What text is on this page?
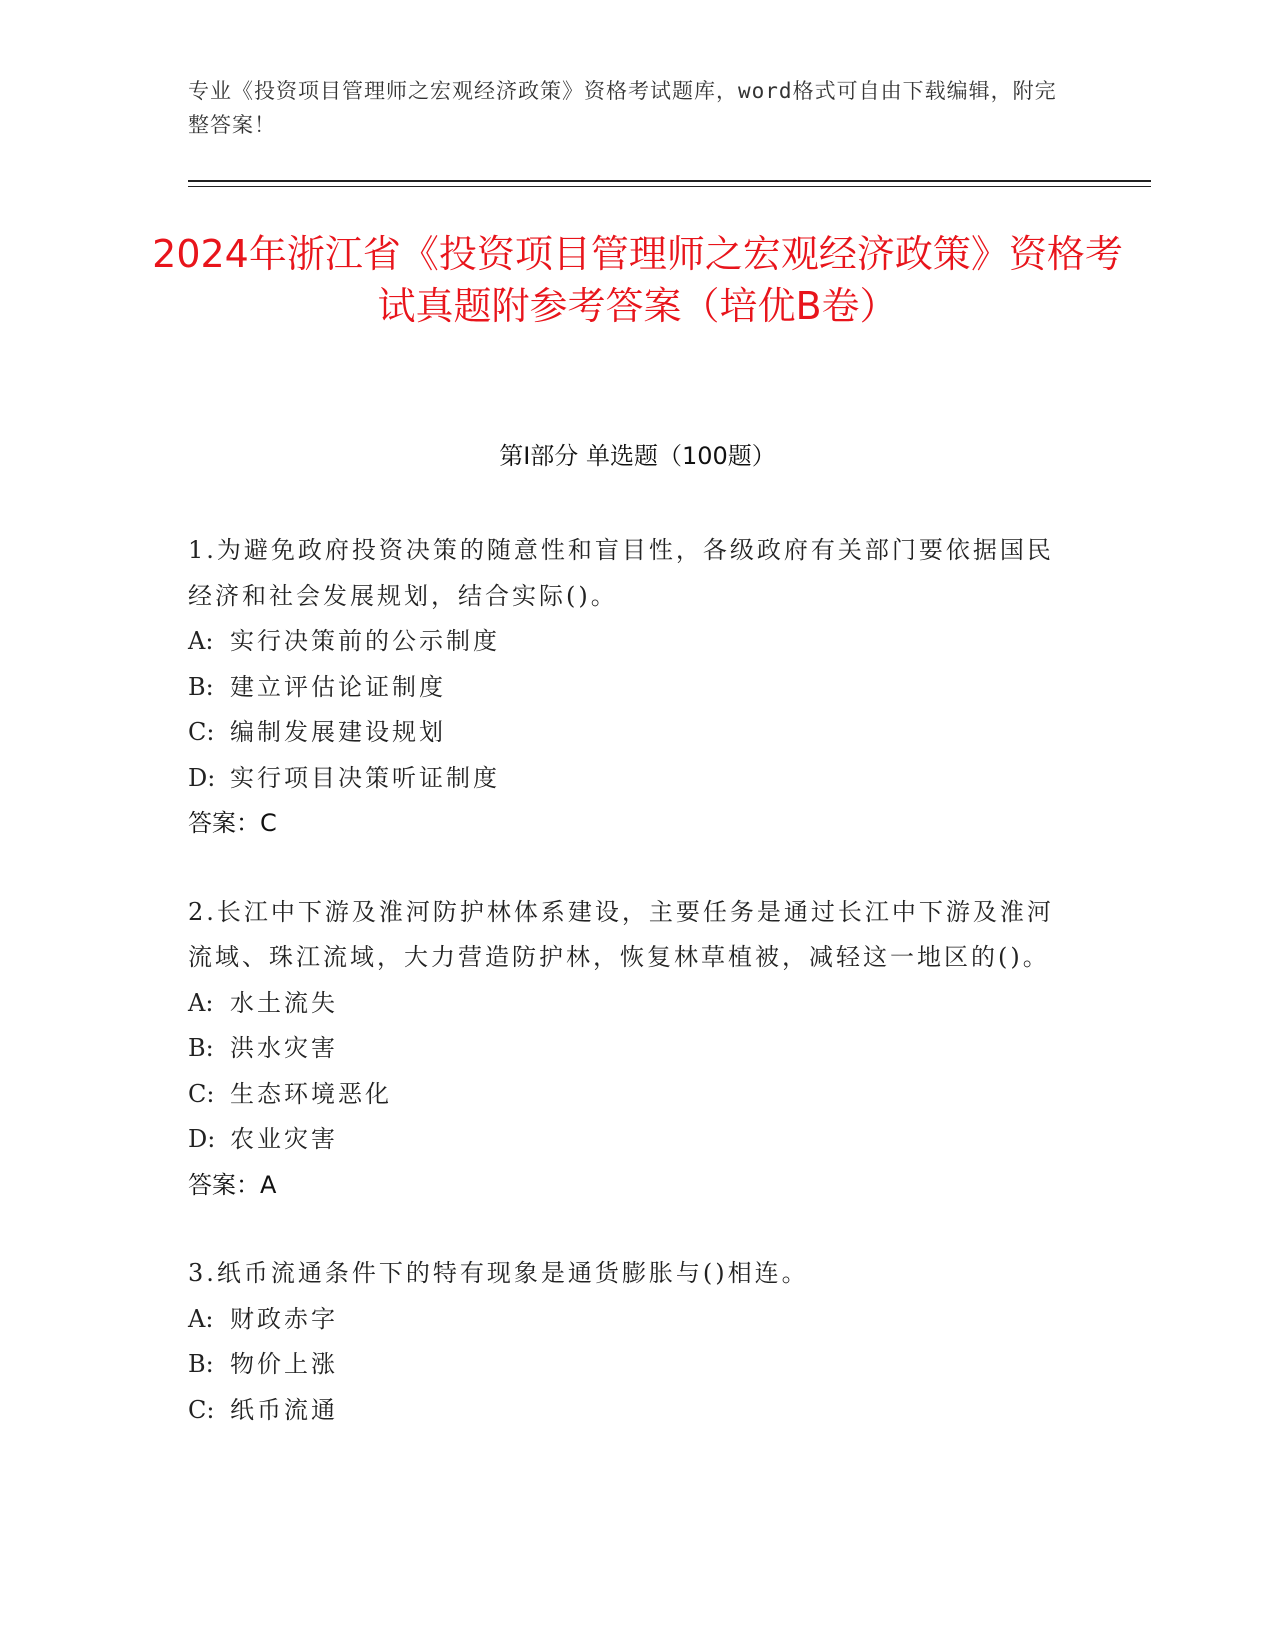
专业《投资项目管理师之宏观经济政策》资格考试题库，word格式可自由下载编辑，附完整答案！
2024年浙江省《投资项目管理师之宏观经济政策》资格考试真题附参考答案（培优B卷）
第I部分 单选题（100题）

1.为避免政府投资决策的随意性和盲目性，各级政府有关部门要依据国民经济和社会发展规划，结合实际()。

A: 实行决策前的公示制度

B: 建立评估论证制度

C: 编制发展建设规划

D: 实行项目决策听证制度

答案：C

2.长江中下游及淮河防护林体系建设，主要任务是通过长江中下游及淮河流域、珠江流域，大力营造防护林，恢复林草植被，减轻这一地区的()。

A: 水土流失

B: 洪水灾害

C: 生态环境恶化

D: 农业灾害

答案：A

3.纸币流通条件下的特有现象是通货膨胀与()相连。

A: 财政赤字

B: 物价上涨

C: 纸币流通
